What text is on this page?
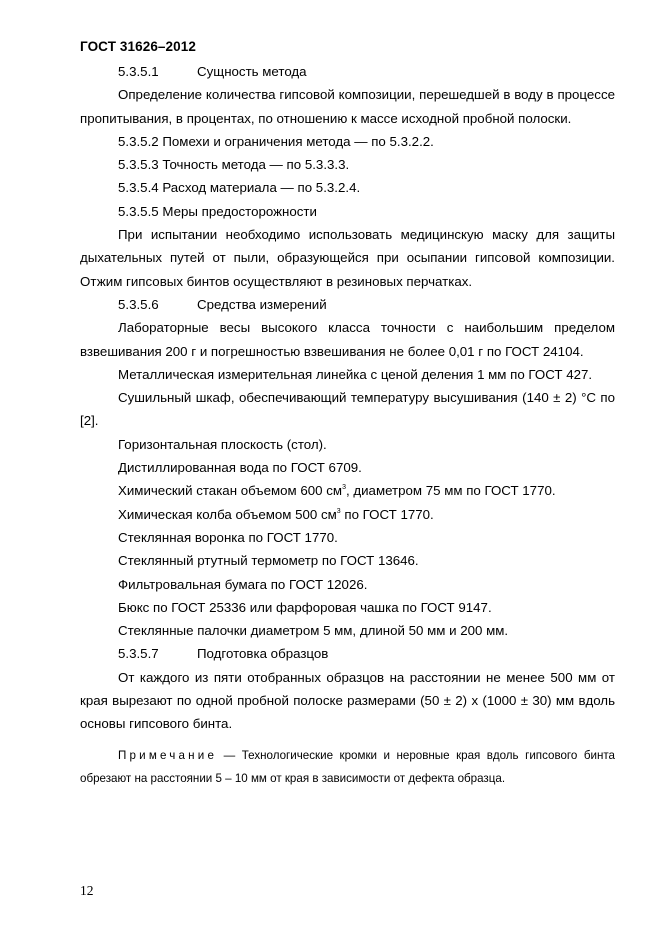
ГОСТ 31626–2012
5.3.5.1	Сущность метода

Определение количества гипсовой композиции, перешедшей в воду в процессе пропитывания, в процентах, по отношению к массе исходной пробной полоски.

5.3.5.2 Помехи и ограничения метода — по 5.3.2.2.

5.3.5.3 Точность метода — по 5.3.3.3.

5.3.5.4 Расход материала — по 5.3.2.4.

5.3.5.5 Меры предосторожности

При испытании необходимо использовать медицинскую маску для защиты дыхательных путей от пыли, образующейся при осыпании гипсовой композиции. Отжим гипсовых бинтов осуществляют в резиновых перчатках.

5.3.5.6	Средства измерений

Лабораторные весы высокого класса точности с наибольшим пределом взвешивания 200 г и погрешностью взвешивания не более 0,01 г по ГОСТ 24104.

Металлическая измерительная линейка с ценой деления 1 мм по ГОСТ 427.

Сушильный шкаф, обеспечивающий температуру высушивания (140 ± 2) °С по [2].

Горизонтальная плоскость (стол).

Дистиллированная вода по ГОСТ 6709.

Химический стакан объемом 600 $см^3$, диаметром 75 мм по ГОСТ 1770.

Химическая колба объемом 500 $см^3$ по ГОСТ 1770.

Стеклянная воронка по ГОСТ 1770.

Стеклянный ртутный термометр по ГОСТ 13646.

Фильтровальная бумага по ГОСТ 12026.

Бюкс по ГОСТ 25336 или фарфоровая чашка по ГОСТ 9147.

Стеклянные палочки диаметром 5 мм, длиной 50 мм и 200 мм.

5.3.5.7	Подготовка образцов

От каждого из пяти отобранных образцов на расстоянии не менее 500 мм от края вырезают по одной пробной полоске размерами (50 ± 2) х (1000 ± 30) мм вдоль основы гипсового бинта.

Примечание — Технологические кромки и неровные края вдоль гипсового бинта обрезают на расстоянии 5 – 10 мм от края в зависимости от дефекта образца.

12
